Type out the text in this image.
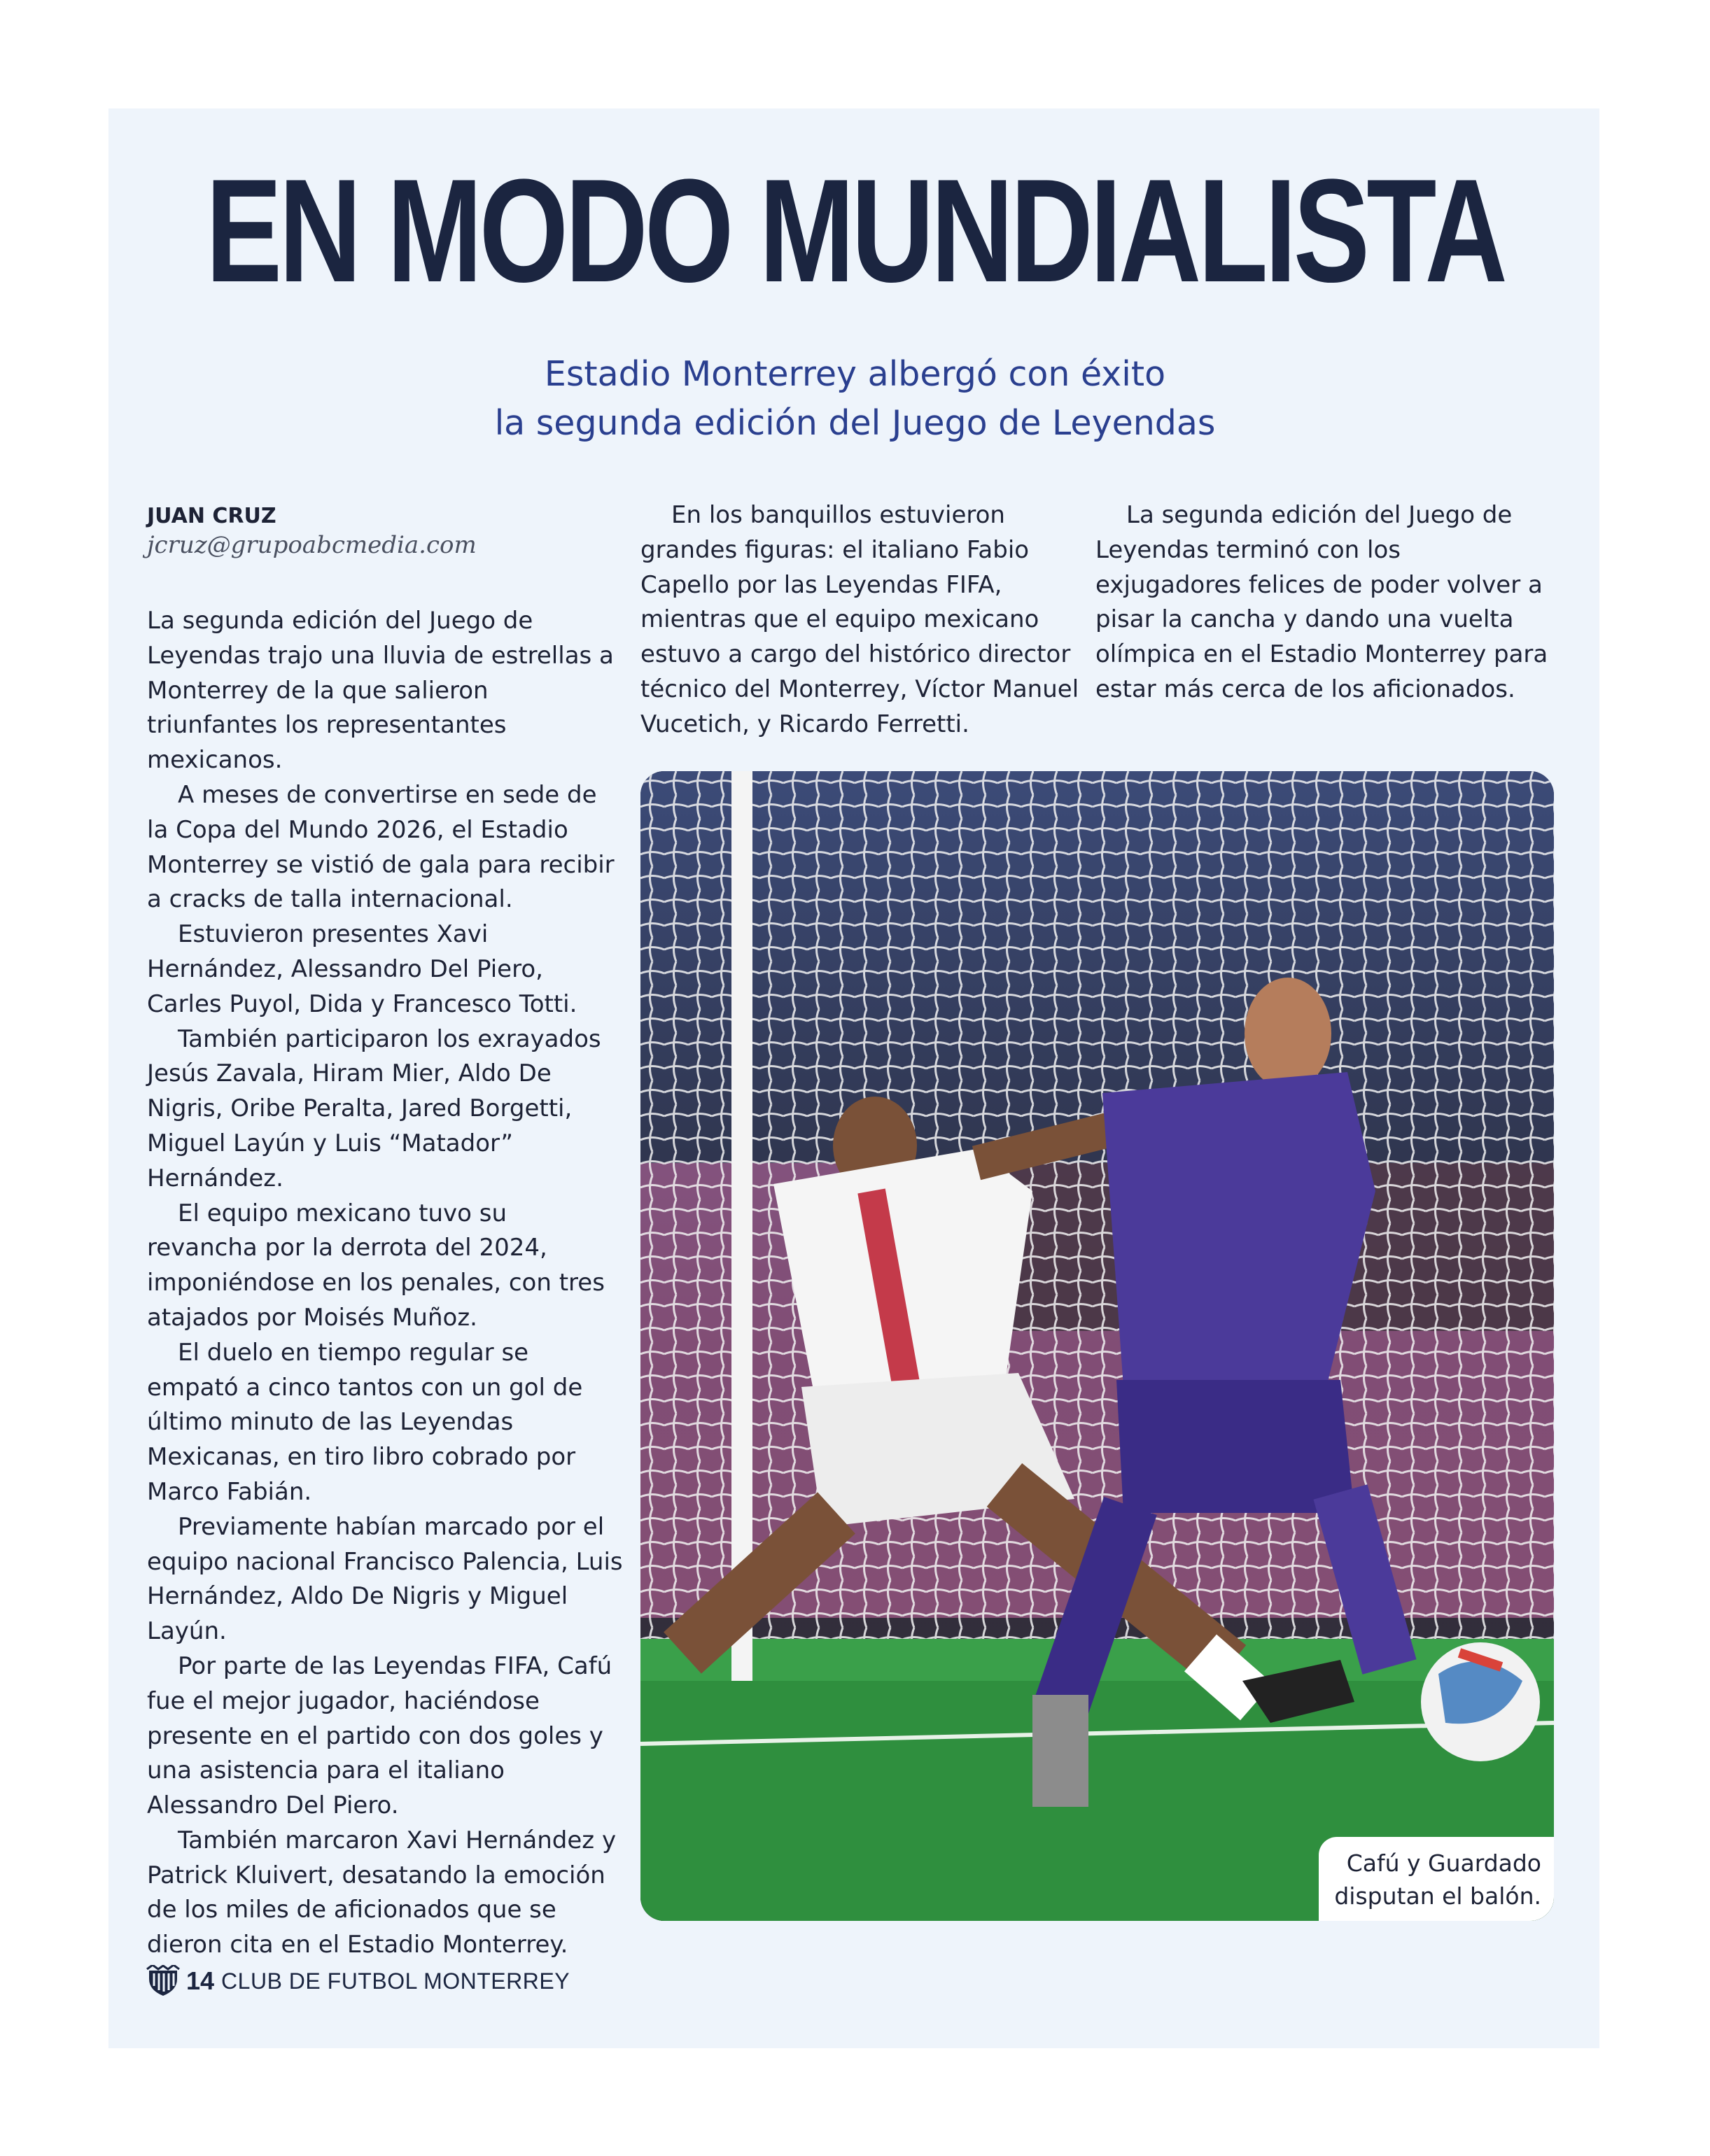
EN MODO MUNDIALISTA
Estadio Monterrey albergó con éxito
la segunda edición del Juego de Leyendas
JUAN CRUZ
jcruz@grupoabcmedia.com

La segunda edición del Juego de Leyendas trajo una lluvia de estrellas a Monterrey de la que salieron triunfantes los representantes mexicanos.

A meses de convertirse en sede de la Copa del Mundo 2026, el Estadio Monterrey se vistió de gala para recibir a cracks de talla internacional.

Estuvieron presentes Xavi Hernández, Alessandro Del Piero, Carles Puyol, Dida y Francesco Totti.

También participaron los exrayados Jesús Zavala, Hiram Mier, Aldo De Nigris, Oribe Peralta, Jared Borgetti, Miguel Layún y Luis “Matador” Hernández.

El equipo mexicano tuvo su revancha por la derrota del 2024, imponiéndose en los penales, con tres atajados por Moisés Muñoz.

El duelo en tiempo regular se empató a cinco tantos con un gol de último minuto de las Leyendas Mexicanas, en tiro libro cobrado por Marco Fabián.

Previamente habían marcado por el equipo nacional Francisco Palencia, Luis Hernández, Aldo De Nigris y Miguel Layún.

Por parte de las Leyendas FIFA, Cafú fue el mejor jugador, haciéndose presente en el partido con dos goles y una asistencia para el italiano Alessandro Del Piero.

También marcaron Xavi Hernández y Patrick Kluivert, desatando la emoción de los miles de aficionados que se dieron cita en el Estadio Monterrey.

En los banquillos estuvieron grandes figuras: el italiano Fabio Capello por las Leyendas FIFA, mientras que el equipo mexicano estuvo a cargo del histórico director técnico del Monterrey, Víctor Manuel Vucetich, y Ricardo Ferretti.

La segunda edición del Juego de Leyendas terminó con los exjugadores felices de poder volver a pisar la cancha y dando una vuelta olímpica en el Estadio Monterrey para estar más cerca de los aficionados.

Cafú y Guardado
disputan el balón.
14 CLUB DE FUTBOL MONTERREY
